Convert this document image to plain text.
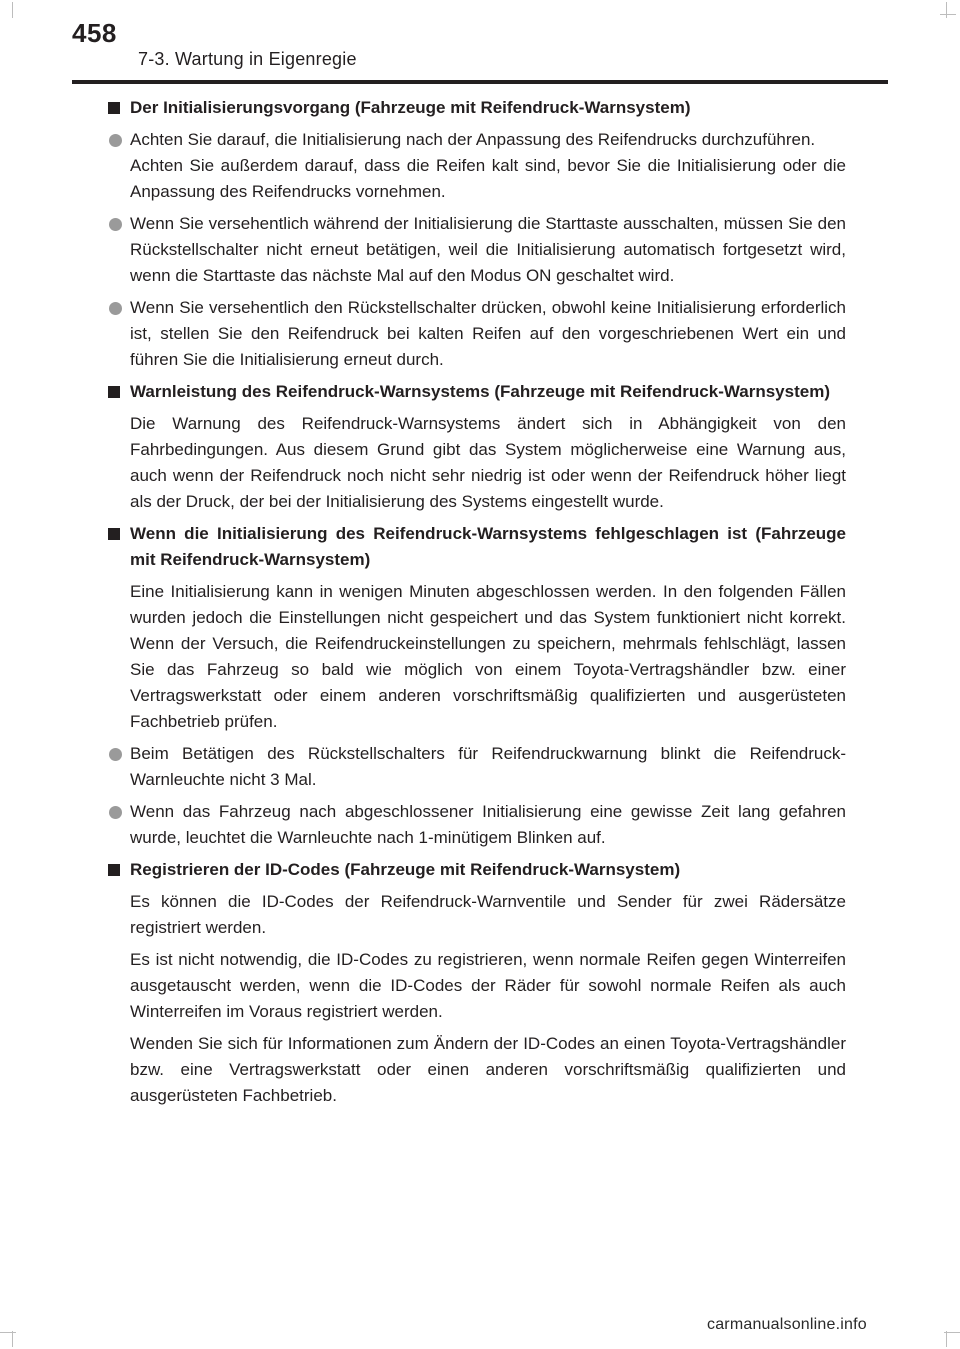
458
7-3. Wartung in Eigenregie
Der Initialisierungsvorgang (Fahrzeuge mit Reifendruck-Warnsystem)

Achten Sie darauf, die Initialisierung nach der Anpassung des Reifendrucks durchzuführen.

Achten Sie außerdem darauf, dass die Reifen kalt sind, bevor Sie die Initialisierung oder die Anpassung des Reifendrucks vornehmen.

Wenn Sie versehentlich während der Initialisierung die Starttaste ausschalten, müssen Sie den Rückstellschalter nicht erneut betätigen, weil die Initialisierung automatisch fortgesetzt wird, wenn die Starttaste das nächste Mal auf den Modus ON geschaltet wird.

Wenn Sie versehentlich den Rückstellschalter drücken, obwohl keine Initialisierung erforderlich ist, stellen Sie den Reifendruck bei kalten Reifen auf den vorgeschriebenen Wert ein und führen Sie die Initialisierung erneut durch.

Warnleistung des Reifendruck-Warnsystems (Fahrzeuge mit Reifendruck-Warnsystem)

Die Warnung des Reifendruck-Warnsystems ändert sich in Abhängigkeit von den Fahrbedingungen. Aus diesem Grund gibt das System möglicherweise eine Warnung aus, auch wenn der Reifendruck noch nicht sehr niedrig ist oder wenn der Reifendruck höher liegt als der Druck, der bei der Initialisierung des Systems eingestellt wurde.

Wenn die Initialisierung des Reifendruck-Warnsystems fehlgeschlagen ist (Fahrzeuge mit Reifendruck-Warnsystem)

Eine Initialisierung kann in wenigen Minuten abgeschlossen werden. In den folgenden Fällen wurden jedoch die Einstellungen nicht gespeichert und das System funktioniert nicht korrekt. Wenn der Versuch, die Reifendruckeinstellungen zu speichern, mehrmals fehlschlägt, lassen Sie das Fahrzeug so bald wie möglich von einem Toyota-Vertragshändler bzw. einer Vertragswerkstatt oder einem anderen vorschriftsmäßig qualifizierten und ausgerüsteten Fachbetrieb prüfen.

Beim Betätigen des Rückstellschalters für Reifendruckwarnung blinkt die Reifendruck-Warnleuchte nicht 3 Mal.

Wenn das Fahrzeug nach abgeschlossener Initialisierung eine gewisse Zeit lang gefahren wurde, leuchtet die Warnleuchte nach 1-minütigem Blinken auf.

Registrieren der ID-Codes (Fahrzeuge mit Reifendruck-Warnsystem)

Es können die ID-Codes der Reifendruck-Warnventile und Sender für zwei Rädersätze registriert werden.

Es ist nicht notwendig, die ID-Codes zu registrieren, wenn normale Reifen gegen Winterreifen ausgetauscht werden, wenn die ID-Codes der Räder für sowohl normale Reifen als auch Winterreifen im Voraus registriert werden.

Wenden Sie sich für Informationen zum Ändern der ID-Codes an einen Toyota-Vertragshändler bzw. eine Vertragswerkstatt oder einen anderen vorschriftsmäßig qualifizierten und ausgerüsteten Fachbetrieb.

carmanualsonline.info
